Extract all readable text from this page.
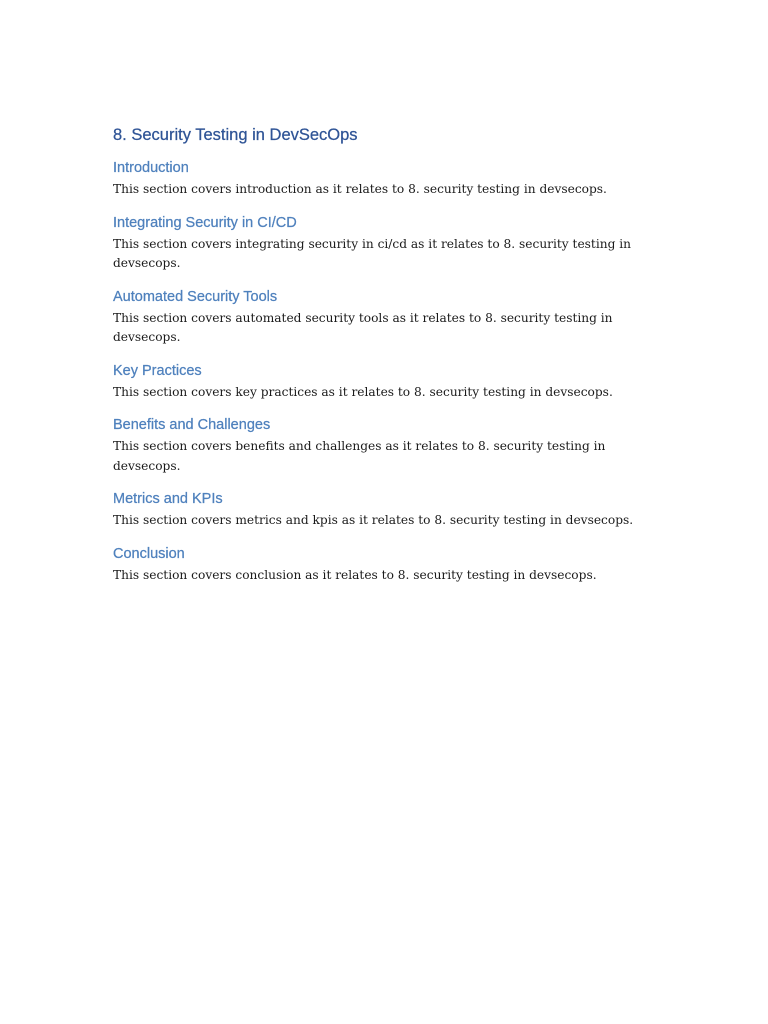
8. Security Testing in DevSecOps
Introduction

This section covers introduction as it relates to 8. security testing in devsecops.

Integrating Security in CI/CD

This section covers integrating security in ci/cd as it relates to 8. security testing in devsecops.

Automated Security Tools

This section covers automated security tools as it relates to 8. security testing in devsecops.

Key Practices

This section covers key practices as it relates to 8. security testing in devsecops.

Benefits and Challenges

This section covers benefits and challenges as it relates to 8. security testing in devsecops.

Metrics and KPIs

This section covers metrics and kpis as it relates to 8. security testing in devsecops.

Conclusion

This section covers conclusion as it relates to 8. security testing in devsecops.
